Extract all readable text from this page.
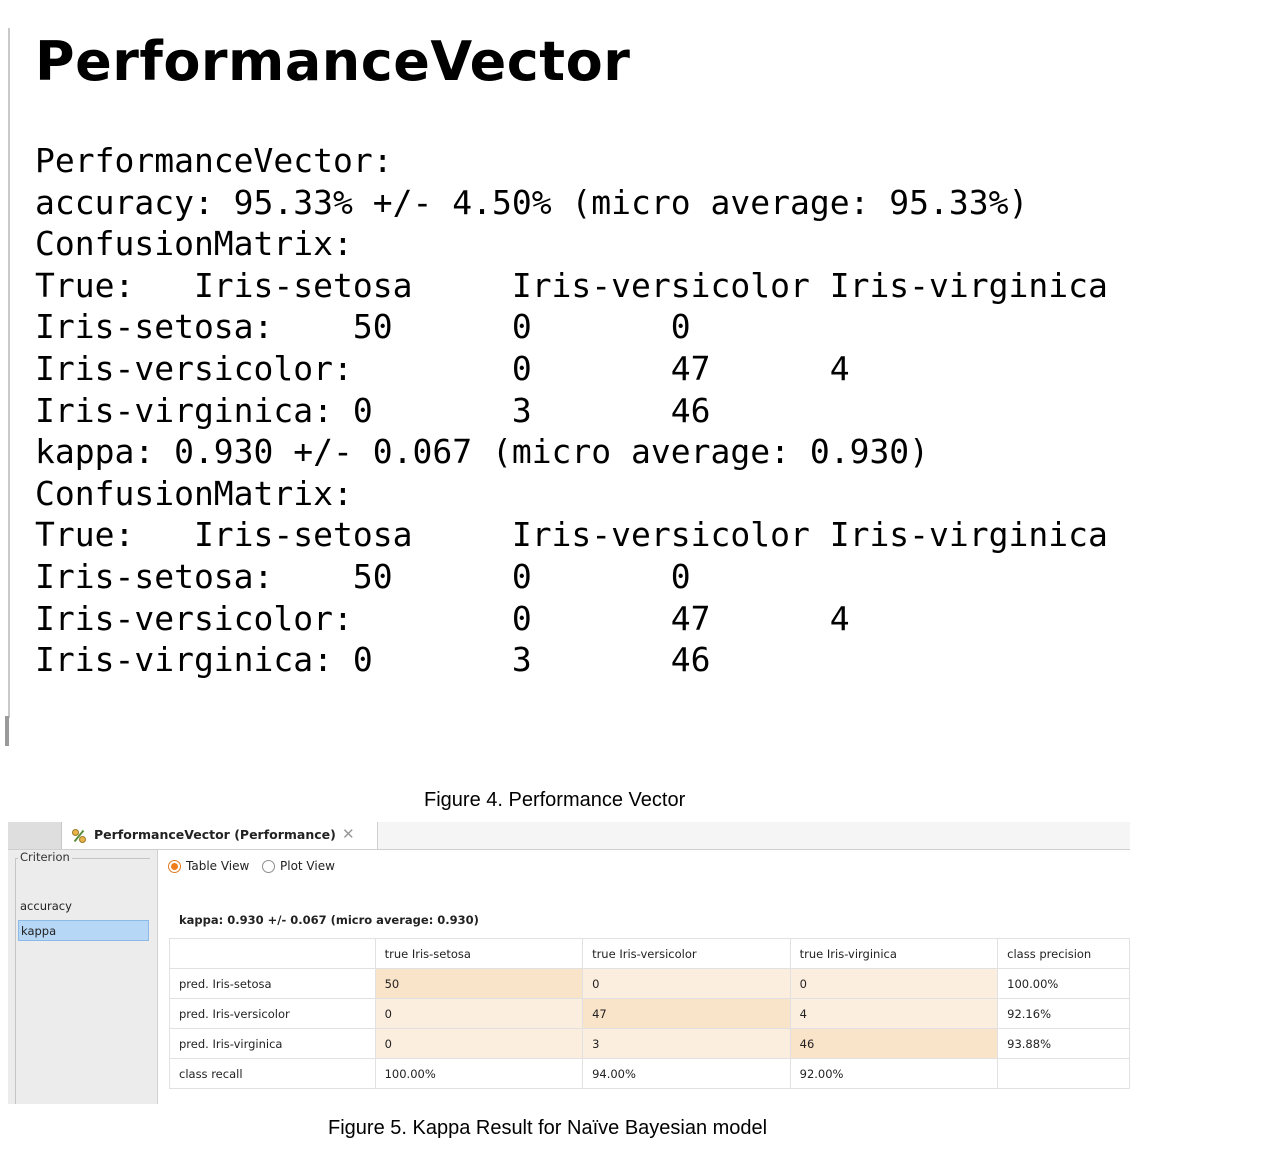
PerformanceVector
PerformanceVector:
accuracy: 95.33% +/- 4.50% (micro average: 95.33%)
ConfusionMatrix:
True:   Iris-setosa     Iris-versicolor Iris-virginica
Iris-setosa:    50      0       0
Iris-versicolor:        0       47      4
Iris-virginica: 0       3       46
kappa: 0.930 +/- 0.067 (micro average: 0.930)
ConfusionMatrix:
True:   Iris-setosa     Iris-versicolor Iris-virginica
Iris-setosa:    50      0       0
Iris-versicolor:        0       47      4
Iris-virginica: 0       3       46
Figure 4. Performance Vector
PerformanceVector (Performance) ✕
Criterion
accuracy
kappa
Table View	Plot View
kappa: 0.930 +/- 0.067 (micro average: 0.930)
	true Iris-setosa	true Iris-versicolor	true Iris-virginica	class precision
pred. Iris-setosa	50	0	0	100.00%
pred. Iris-versicolor	0	47	4	92.16%
pred. Iris-virginica	0	3	46	93.88%
class recall	100.00%	94.00%	92.00%	
Figure 5. Kappa Result for Naïve Bayesian model
